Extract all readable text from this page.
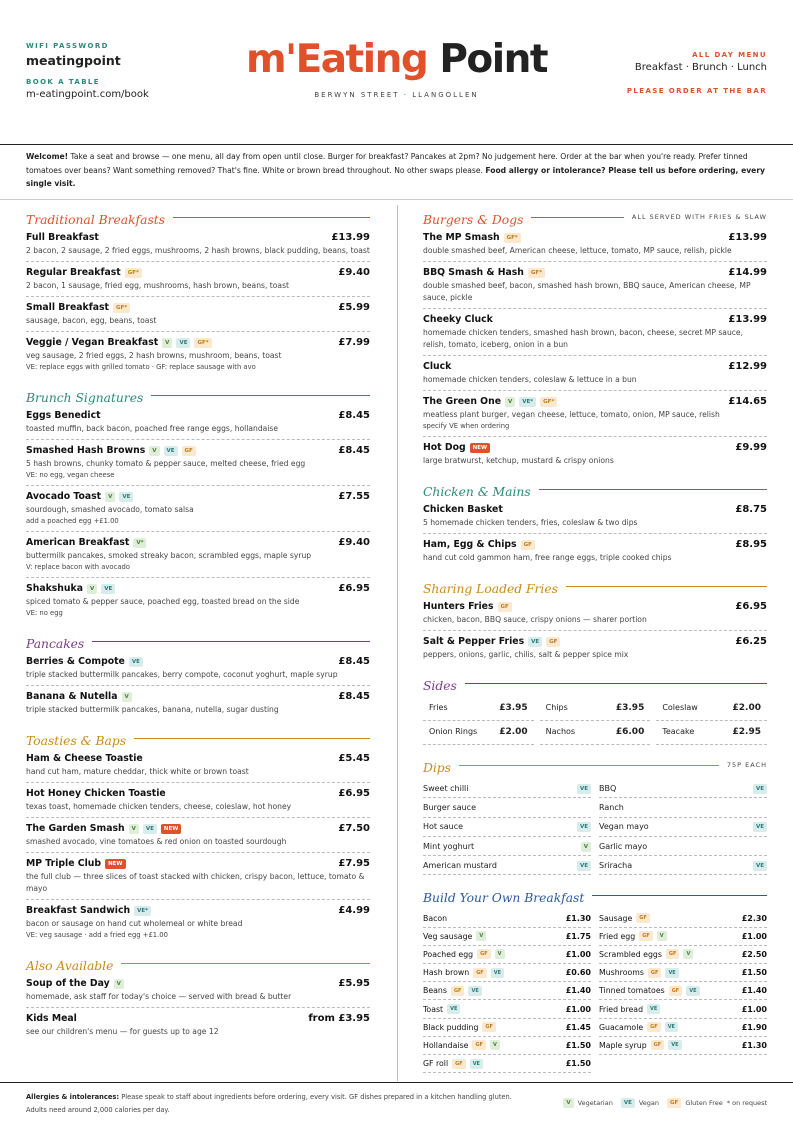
WIFI PASSWORD
meatingpoint
BOOK A TABLE
m-eatingpoint.com/book
m'Eating Point
BERWYN STREET · LLANGOLLEN
ALL DAY MENU
Breakfast · Brunch · Lunch
PLEASE ORDER AT THE BAR
Welcome! Take a seat and browse — one menu, all day from open until close. Burger for breakfast? Pancakes at 2pm? No judgement here. Order at the bar when you're ready. Prefer tinned tomatoes over beans? Want something removed? That's fine. White or brown bread throughout. No other swaps please. Food allergy or intolerance? Please tell us before ordering, every single visit.
Traditional Breakfasts
Full Breakfast	£13.99
2 bacon, 2 sausage, 2 fried eggs, mushrooms, 2 hash browns, black pudding, beans, toast
Regular Breakfast	GF*	£9.40
2 bacon, 1 sausage, fried egg, mushrooms, hash brown, beans, toast
Small Breakfast	GF*	£5.99
sausage, bacon, egg, beans, toast
Veggie / Vegan Breakfast	V	VE	GF*	£7.99
veg sausage, 2 fried eggs, 2 hash browns, mushroom, beans, toast
VE: replace eggs with grilled tomato · GF: replace sausage with avo
Brunch Signatures
Eggs Benedict	£8.45
toasted muffin, back bacon, poached free range eggs, hollandaise
Smashed Hash Browns	V	VE	GF	£8.45
5 hash browns, chunky tomato & pepper sauce, melted cheese, fried egg
VE: no egg, vegan cheese
Avocado Toast	V	VE	£7.55
sourdough, smashed avocado, tomato salsa
add a poached egg +£1.00
American Breakfast	V*	£9.40
buttermilk pancakes, smoked streaky bacon, scrambled eggs, maple syrup
V: replace bacon with avocado
Shakshuka	V	VE	£6.95
spiced tomato & pepper sauce, poached egg, toasted bread on the side
VE: no egg
Pancakes
Berries & Compote	VE	£8.45
triple stacked buttermilk pancakes, berry compote, coconut yoghurt, maple syrup
Banana & Nutella	V	£8.45
triple stacked buttermilk pancakes, banana, nutella, sugar dusting
Toasties & Baps
Ham & Cheese Toastie	£5.45
hand cut ham, mature cheddar, thick white or brown toast
Hot Honey Chicken Toastie	£6.95
texas toast, homemade chicken tenders, cheese, coleslaw, hot honey
The Garden Smash	V	VE	NEW	£7.50
smashed avocado, vine tomatoes & red onion on toasted sourdough
MP Triple Club	NEW	£7.95
the full club — three slices of toast stacked with chicken, crispy bacon, lettuce, tomato & mayo
Breakfast Sandwich	VE*	£4.99
bacon or sausage on hand cut wholemeal or white bread
VE: veg sausage · add a fried egg +£1.00
Also Available
Soup of the Day	V	£5.95
homemade, ask staff for today's choice — served with bread & butter
Kids Meal	from £3.95
see our children's menu — for guests up to age 12
Burgers & Dogs	ALL SERVED WITH FRIES & SLAW
The MP Smash	GF*	£13.99
double smashed beef, American cheese, lettuce, tomato, MP sauce, relish, pickle
BBQ Smash & Hash	GF*	£14.99
double smashed beef, bacon, smashed hash brown, BBQ sauce, American cheese, MP sauce, pickle
Cheeky Cluck	£13.99
homemade chicken tenders, smashed hash brown, bacon, cheese, secret MP sauce, relish, tomato, iceberg, onion in a bun
Cluck	£12.99
homemade chicken tenders, coleslaw & lettuce in a bun
The Green One	V	VE*	GF*	£14.65
meatless plant burger, vegan cheese, lettuce, tomato, onion, MP sauce, relish
specify VE when ordering
Hot Dog	NEW	£9.99
large bratwurst, ketchup, mustard & crispy onions
Chicken & Mains
Chicken Basket	£8.75
5 homemade chicken tenders, fries, coleslaw & two dips
Ham, Egg & Chips	GF	£8.95
hand cut cold gammon ham, free range eggs, triple cooked chips
Sharing Loaded Fries
Hunters Fries	GF	£6.95
chicken, bacon, BBQ sauce, crispy onions — sharer portion
Salt & Pepper Fries	VE	GF	£6.25
peppers, onions, garlic, chilis, salt & pepper spice mix
Sides
Fries	£3.95 Chips	£3.95 Coleslaw	£2.00
Onion Rings £2.00 Nachos	£6.00 Teacake	£2.95
Dips	75P EACH
Sweet chilli	VE	BBQ	VE
Burger sauce	Ranch
Hot sauce	VE	Vegan mayo	VE
Mint yoghurt	V	Garlic mayo
American mustard	VE	Sriracha	VE
Build Your Own Breakfast
Bacon	£1.30 Sausage	GF	£2.30
Veg sausage	V	£1.75 Fried egg	GF	V	£1.00
Poached egg	GF	V	£1.00 Scrambled eggs	GF	V	£2.50
Hash brown	GF	VE	£0.60 Mushrooms	GF	VE	£1.50
Beans	GF	VE	£1.40 Tinned tomatoes	GF	VE	£1.40
Toast	VE	£1.00 Fried bread	VE	£1.00
Black pudding	GF	£1.45 Guacamole	GF	VE	£1.90
Hollandaise	GF	V	£1.50 Maple syrup	GF	VE	£1.30
GF roll	GF	VE	£1.50
Allergies & intolerances: Please speak to staff about ingredients before ordering, every visit. GF dishes prepared in a kitchen handling gluten.
Adults need around 2,000 calories per day.
V	Vegetarian	VE	Vegan	GF	Gluten Free * on request
